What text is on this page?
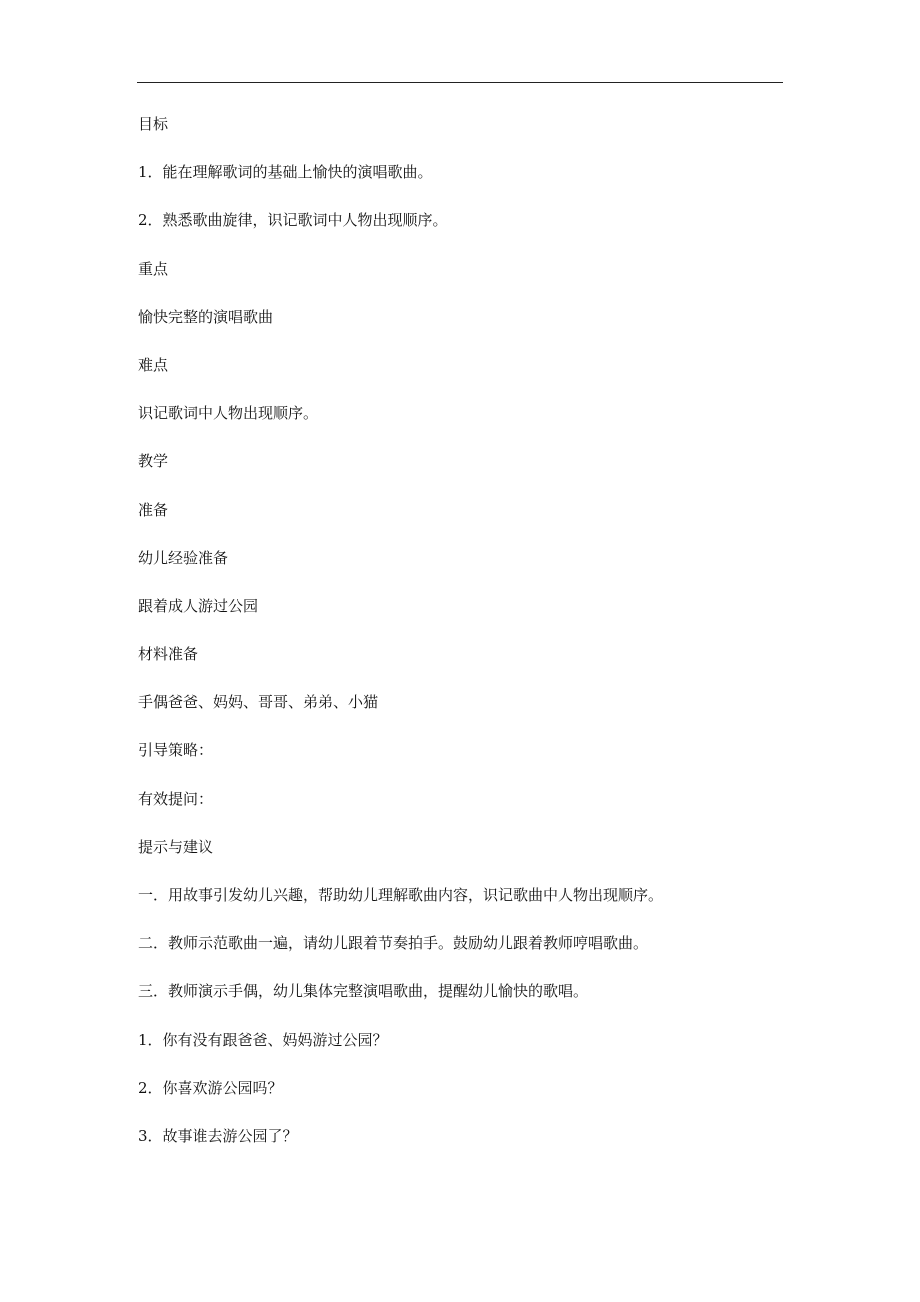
目标
1．能在理解歌词的基础上愉快的演唱歌曲。
2．熟悉歌曲旋律，识记歌词中人物出现顺序。
重点
愉快完整的演唱歌曲
难点
识记歌词中人物出现顺序。
教学
准备
幼儿经验准备
跟着成人游过公园
材料准备
手偶爸爸、妈妈、哥哥、弟弟、小猫
引导策略：
有效提问：
提示与建议
一．用故事引发幼儿兴趣，帮助幼儿理解歌曲内容，识记歌曲中人物出现顺序。
二．教师示范歌曲一遍，请幼儿跟着节奏拍手。鼓励幼儿跟着教师哼唱歌曲。
三．教师演示手偶，幼儿集体完整演唱歌曲，提醒幼儿愉快的歌唱。
1．你有没有跟爸爸、妈妈游过公园？
2．你喜欢游公园吗？
3．故事谁去游公园了？
